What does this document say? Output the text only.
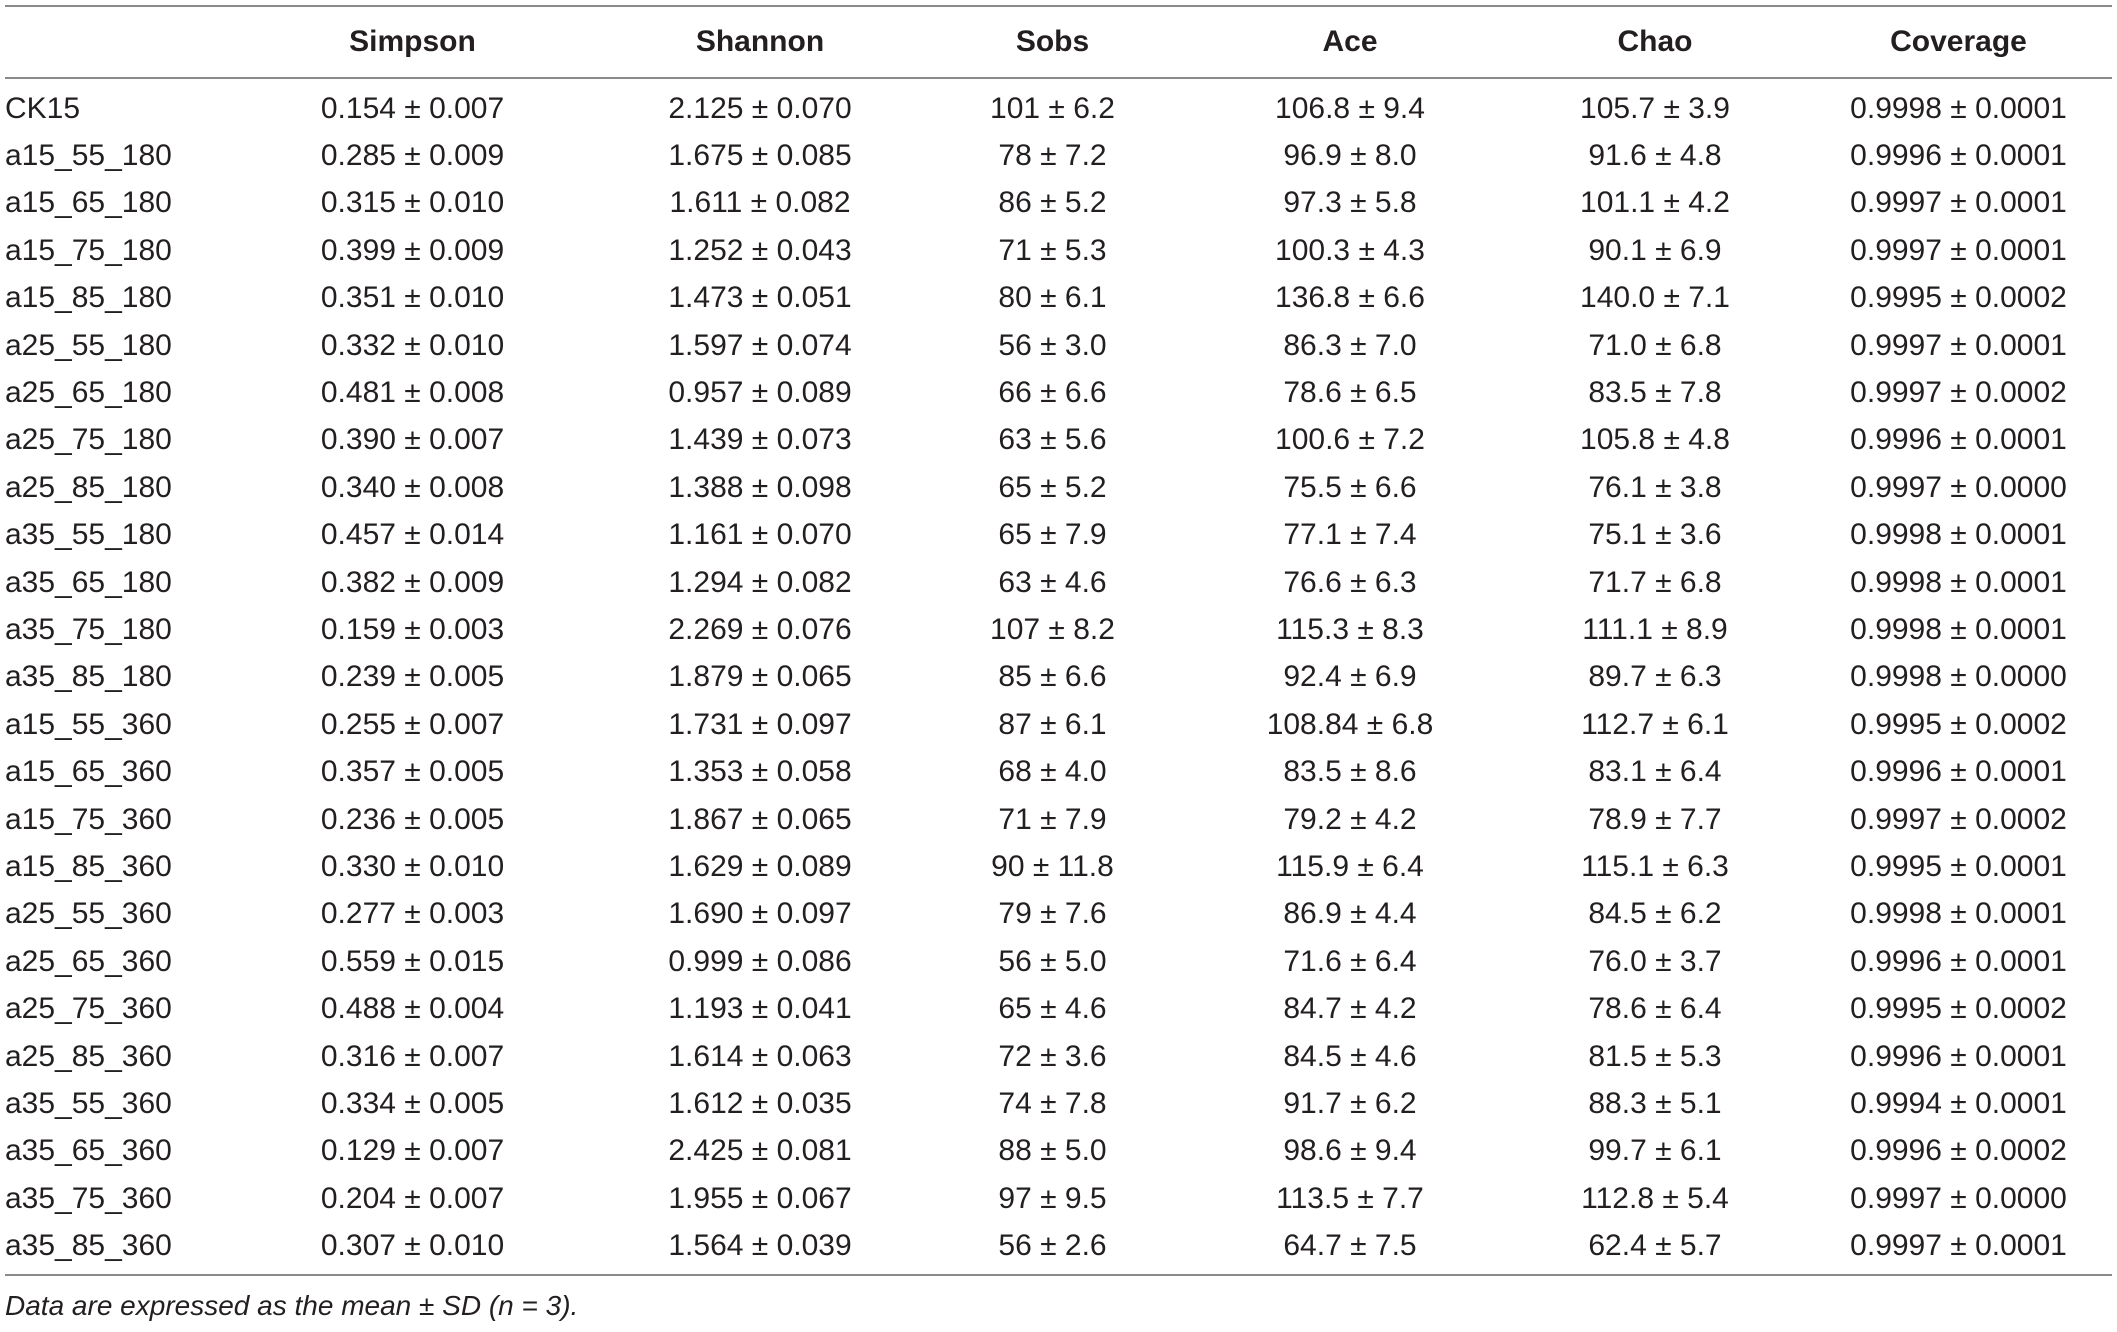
	Simpson	Shannon	Sobs	Ace	Chao	Coverage
CK15	0.154 ± 0.007	2.125 ± 0.070	101 ± 6.2	106.8 ± 9.4	105.7 ± 3.9	0.9998 ± 0.0001
a15_55_180	0.285 ± 0.009	1.675 ± 0.085	78 ± 7.2	96.9 ± 8.0	91.6 ± 4.8	0.9996 ± 0.0001
a15_65_180	0.315 ± 0.010	1.611 ± 0.082	86 ± 5.2	97.3 ± 5.8	101.1 ± 4.2	0.9997 ± 0.0001
a15_75_180	0.399 ± 0.009	1.252 ± 0.043	71 ± 5.3	100.3 ± 4.3	90.1 ± 6.9	0.9997 ± 0.0001
a15_85_180	0.351 ± 0.010	1.473 ± 0.051	80 ± 6.1	136.8 ± 6.6	140.0 ± 7.1	0.9995 ± 0.0002
a25_55_180	0.332 ± 0.010	1.597 ± 0.074	56 ± 3.0	86.3 ± 7.0	71.0 ± 6.8	0.9997 ± 0.0001
a25_65_180	0.481 ± 0.008	0.957 ± 0.089	66 ± 6.6	78.6 ± 6.5	83.5 ± 7.8	0.9997 ± 0.0002
a25_75_180	0.390 ± 0.007	1.439 ± 0.073	63 ± 5.6	100.6 ± 7.2	105.8 ± 4.8	0.9996 ± 0.0001
a25_85_180	0.340 ± 0.008	1.388 ± 0.098	65 ± 5.2	75.5 ± 6.6	76.1 ± 3.8	0.9997 ± 0.0000
a35_55_180	0.457 ± 0.014	1.161 ± 0.070	65 ± 7.9	77.1 ± 7.4	75.1 ± 3.6	0.9998 ± 0.0001
a35_65_180	0.382 ± 0.009	1.294 ± 0.082	63 ± 4.6	76.6 ± 6.3	71.7 ± 6.8	0.9998 ± 0.0001
a35_75_180	0.159 ± 0.003	2.269 ± 0.076	107 ± 8.2	115.3 ± 8.3	111.1 ± 8.9	0.9998 ± 0.0001
a35_85_180	0.239 ± 0.005	1.879 ± 0.065	85 ± 6.6	92.4 ± 6.9	89.7 ± 6.3	0.9998 ± 0.0000
a15_55_360	0.255 ± 0.007	1.731 ± 0.097	87 ± 6.1	108.84 ± 6.8	112.7 ± 6.1	0.9995 ± 0.0002
a15_65_360	0.357 ± 0.005	1.353 ± 0.058	68 ± 4.0	83.5 ± 8.6	83.1 ± 6.4	0.9996 ± 0.0001
a15_75_360	0.236 ± 0.005	1.867 ± 0.065	71 ± 7.9	79.2 ± 4.2	78.9 ± 7.7	0.9997 ± 0.0002
a15_85_360	0.330 ± 0.010	1.629 ± 0.089	90 ± 11.8	115.9 ± 6.4	115.1 ± 6.3	0.9995 ± 0.0001
a25_55_360	0.277 ± 0.003	1.690 ± 0.097	79 ± 7.6	86.9 ± 4.4	84.5 ± 6.2	0.9998 ± 0.0001
a25_65_360	0.559 ± 0.015	0.999 ± 0.086	56 ± 5.0	71.6 ± 6.4	76.0 ± 3.7	0.9996 ± 0.0001
a25_75_360	0.488 ± 0.004	1.193 ± 0.041	65 ± 4.6	84.7 ± 4.2	78.6 ± 6.4	0.9995 ± 0.0002
a25_85_360	0.316 ± 0.007	1.614 ± 0.063	72 ± 3.6	84.5 ± 4.6	81.5 ± 5.3	0.9996 ± 0.0001
a35_55_360	0.334 ± 0.005	1.612 ± 0.035	74 ± 7.8	91.7 ± 6.2	88.3 ± 5.1	0.9994 ± 0.0001
a35_65_360	0.129 ± 0.007	2.425 ± 0.081	88 ± 5.0	98.6 ± 9.4	99.7 ± 6.1	0.9996 ± 0.0002
a35_75_360	0.204 ± 0.007	1.955 ± 0.067	97 ± 9.5	113.5 ± 7.7	112.8 ± 5.4	0.9997 ± 0.0000
a35_85_360	0.307 ± 0.010	1.564 ± 0.039	56 ± 2.6	64.7 ± 7.5	62.4 ± 5.7	0.9997 ± 0.0001
Data are expressed as the mean ± SD (n = 3).
